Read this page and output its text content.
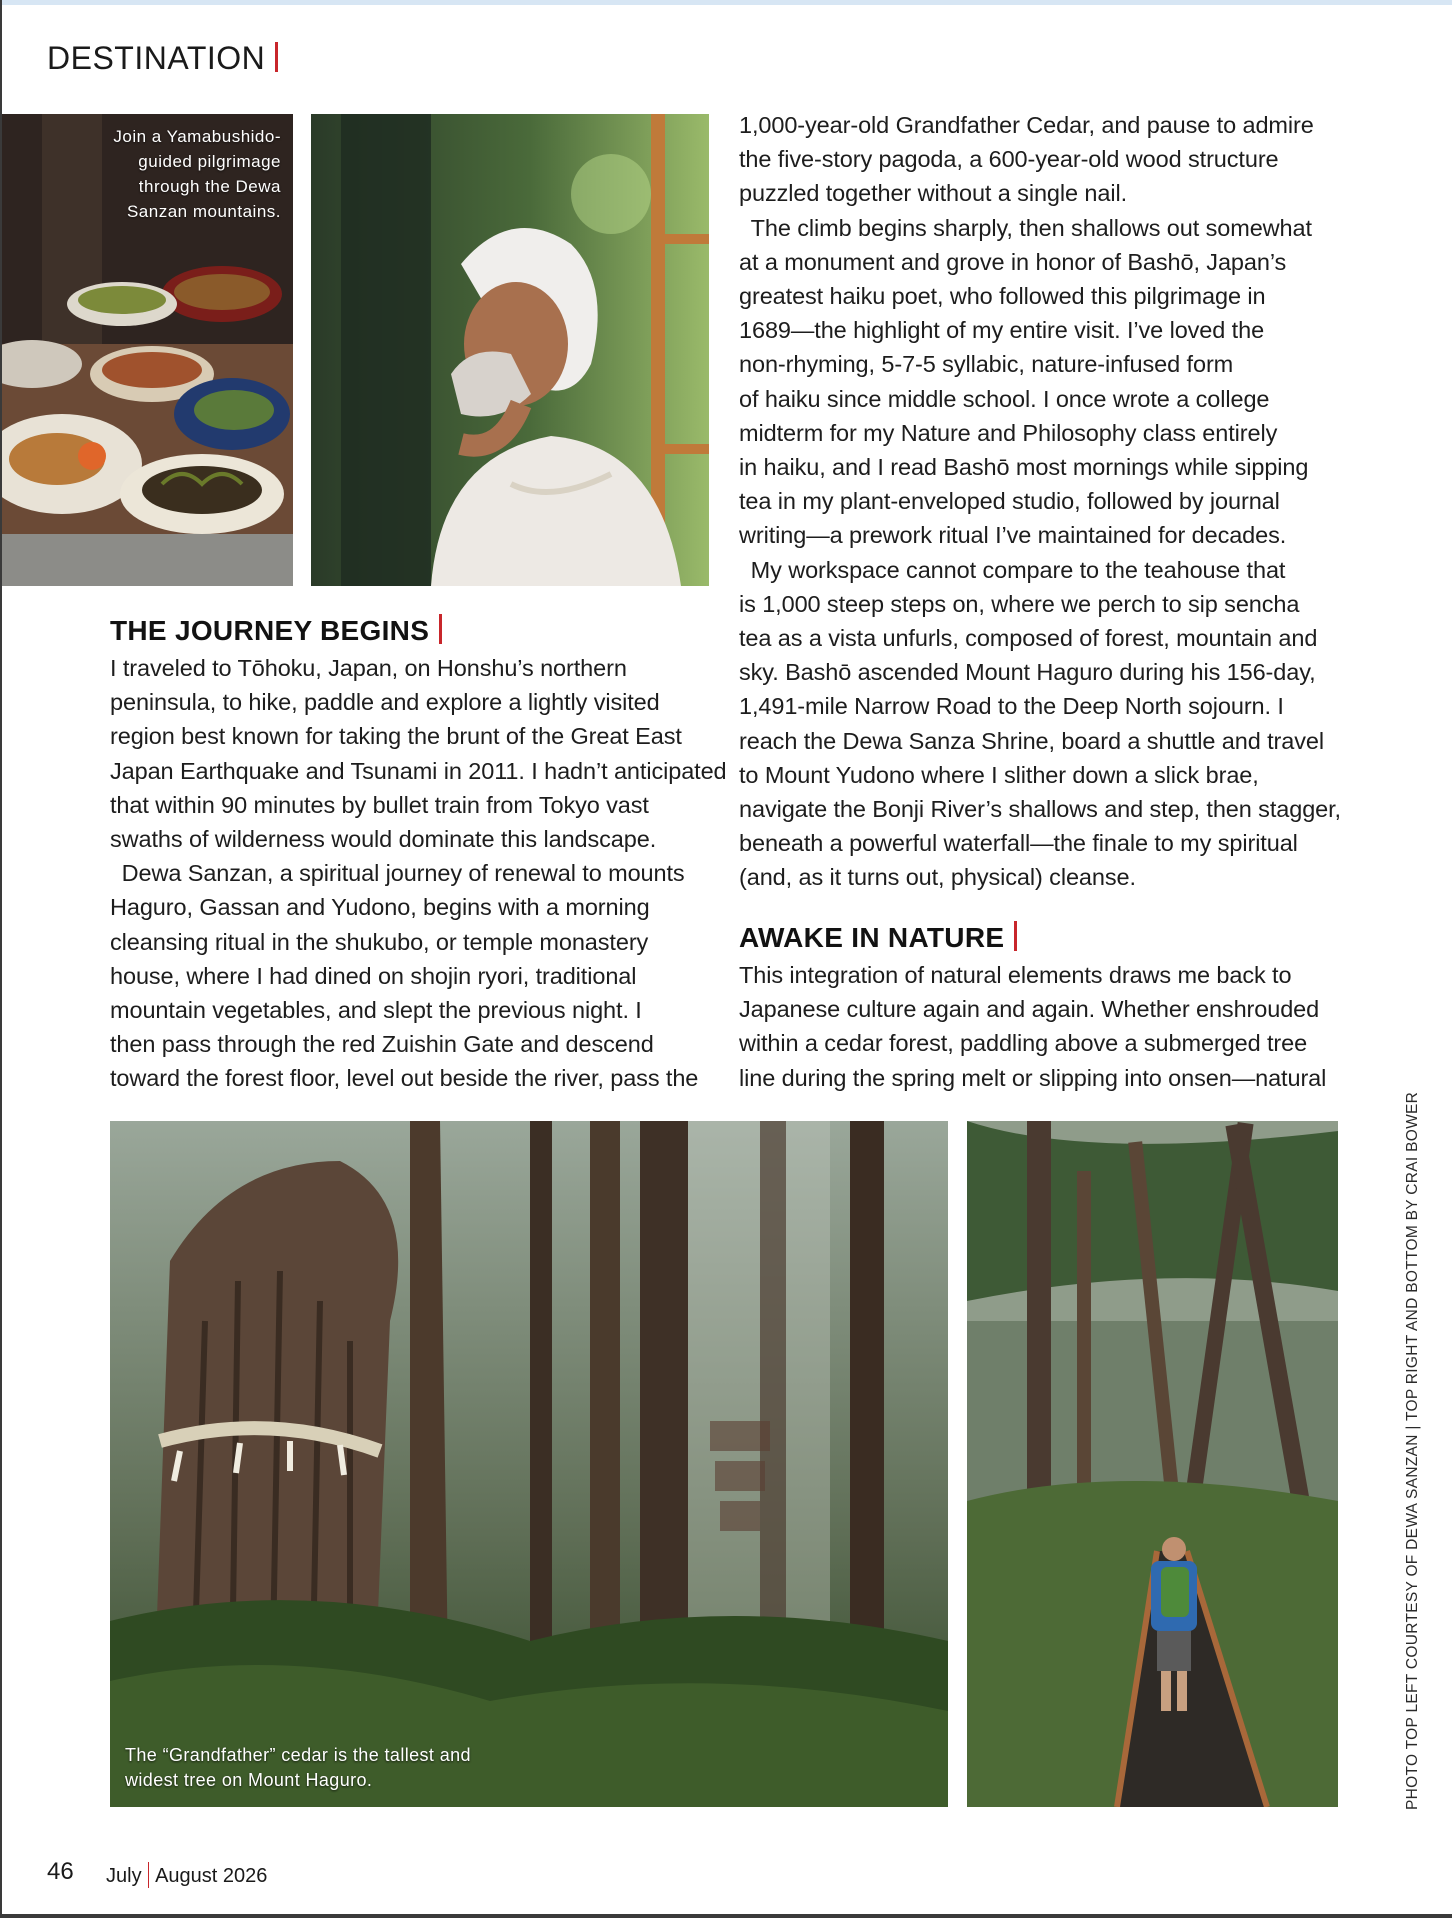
DESTINATION
Join a Yamabushido-guided pilgrimage through the Dewa Sanzan mountains.
THE JOURNEY BEGINS

I traveled to Tōhoku, Japan, on Honshu’s northern

peninsula, to hike, paddle and explore a lightly visited

region best known for taking the brunt of the Great East

Japan Earthquake and Tsunami in 2011. I hadn’t anticipated

that within 90 minutes by bullet train from Tokyo vast

swaths of wilderness would dominate this landscape.

 Dewa Sanzan, a spiritual journey of renewal to mounts

Haguro, Gassan and Yudono, begins with a morning

cleansing ritual in the shukubo, or temple monastery

house, where I had dined on shojin ryori, traditional

mountain vegetables, and slept the previous night. I

then pass through the red Zuishin Gate and descend

toward the forest floor, level out beside the river, pass the

1,000-year-old Grandfather Cedar, and pause to admire

the five-story pagoda, a 600-year-old wood structure

puzzled together without a single nail.

 The climb begins sharply, then shallows out somewhat

at a monument and grove in honor of Bashō, Japan’s

greatest haiku poet, who followed this pilgrimage in

1689—the highlight of my entire visit. I’ve loved the

non-rhyming, 5-7-5 syllabic, nature-infused form

of haiku since middle school. I once wrote a college

midterm for my Nature and Philosophy class entirely

in haiku, and I read Bashō most mornings while sipping

tea in my plant-enveloped studio, followed by journal

writing—a prework ritual I’ve maintained for decades.

 My workspace cannot compare to the teahouse that

is 1,000 steep steps on, where we perch to sip sencha

tea as a vista unfurls, composed of forest, mountain and

sky. Bashō ascended Mount Haguro during his 156-day,

1,491-mile Narrow Road to the Deep North sojourn. I

reach the Dewa Sanza Shrine, board a shuttle and travel

to Mount Yudono where I slither down a slick brae,

navigate the Bonji River’s shallows and step, then stagger,

beneath a powerful waterfall—the finale to my spiritual

(and, as it turns out, physical) cleanse.

AWAKE IN NATURE

This integration of natural elements draws me back to

Japanese culture again and again. Whether enshrouded

within a cedar forest, paddling above a submerged tree

line during the spring melt or slipping into onsen—natural

The “Grandfather” cedar is the tallest and widest tree on Mount Haguro.	PHOTO TOP LEFT COURTESY OF DEWA SANZAN | TOP RIGHT AND BOTTOM BY CRAI BOWER
46 July August 2026
